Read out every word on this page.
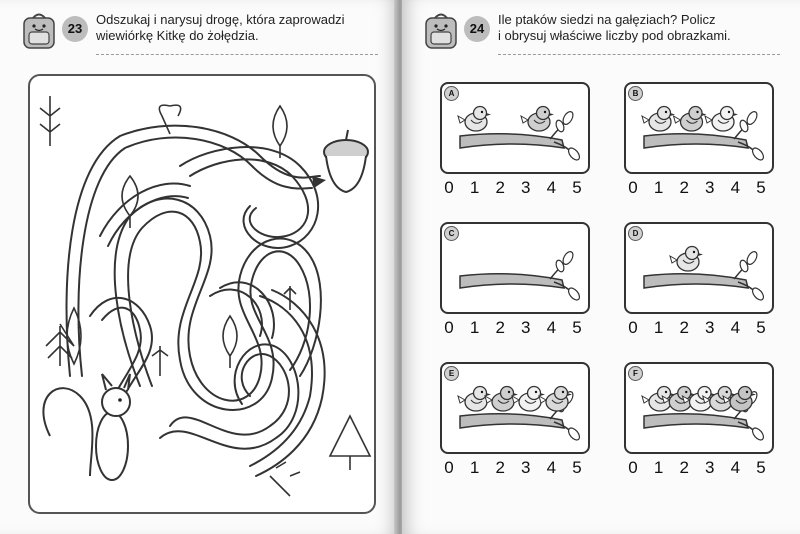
23
Odszukaj i narysuj drogę, która zaprowadzi
wiewiórkę Kitkę do żołędzia.	24
Ile ptaków siedzi na gałęziach? Policz
i obrysuj właściwe liczby pod obrazkami.
A
0 1 2 3 4 5
B
0 1 2 3 4 5
C
0 1 2 3 4 5
D
0 1 2 3 4 5
E
0 1 2 3 4 5
F
0 1 2 3 4 5
